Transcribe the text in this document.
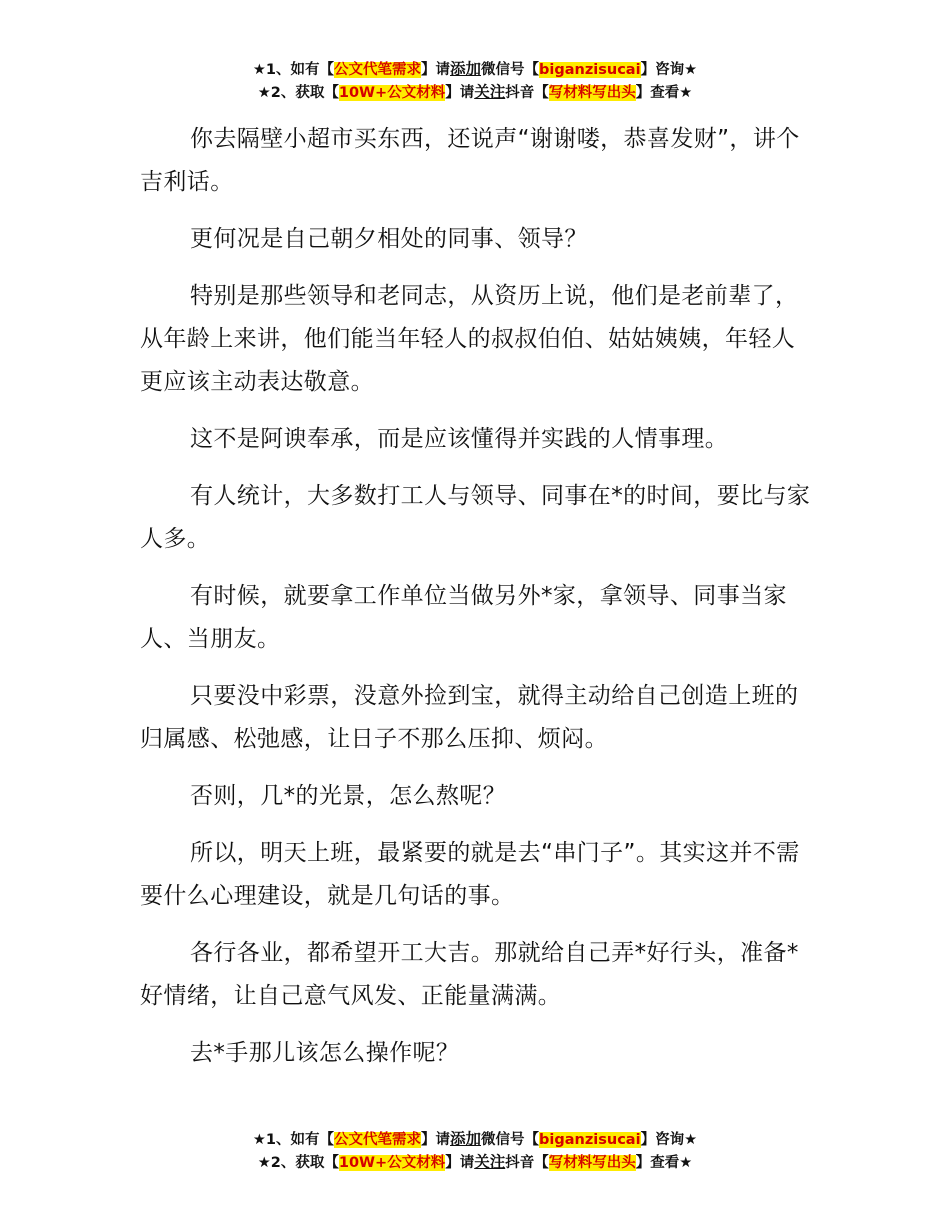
★1、如有【公文代笔需求】请添加微信号【biganzisucai】咨询★
★2、获取【10W+公文材料】请关注抖音【写材料写出头】查看★

你去隔壁小超市买东西，还说声“谢谢喽，恭喜发财”，讲个吉利话。

更何况是自己朝夕相处的同事、领导？

特别是那些领导和老同志，从资历上说，他们是老前辈了，从年龄上来讲，他们能当年轻人的叔叔伯伯、姑姑姨姨，年轻人更应该主动表达敬意。

这不是阿谀奉承，而是应该懂得并实践的人情事理。

有人统计，大多数打工人与领导、同事在*的时间，要比与家人多。

有时候，就要拿工作单位当做另外*家，拿领导、同事当家人、当朋友。

只要没中彩票，没意外捡到宝，就得主动给自己创造上班的归属感、松弛感，让日子不那么压抑、烦闷。

否则，几*的光景，怎么熬呢？

所以，明天上班，最紧要的就是去“串门子”。其实这并不需要什么心理建设，就是几句话的事。

各行各业，都希望开工大吉。那就给自己弄*好行头，准备*好情绪，让自己意气风发、正能量满满。

去*手那儿该怎么操作呢？

★1、如有【公文代笔需求】请添加微信号【biganzisucai】咨询★
★2、获取【10W+公文材料】请关注抖音【写材料写出头】查看★
